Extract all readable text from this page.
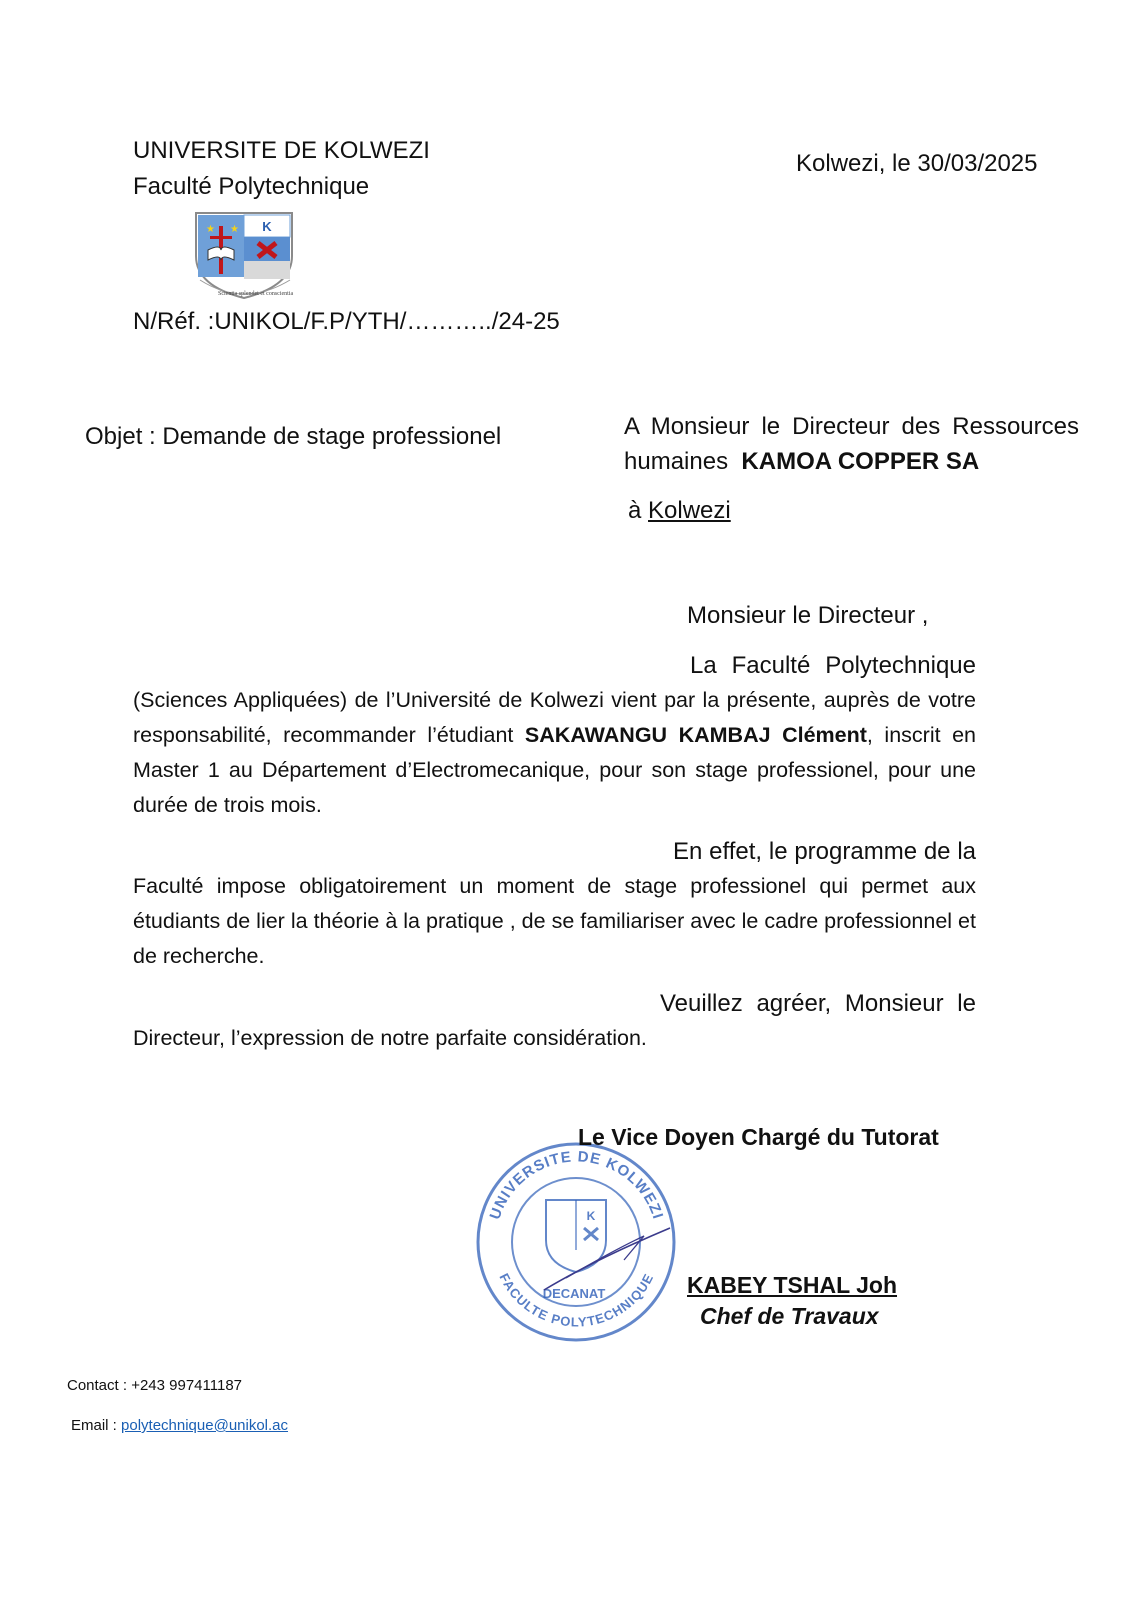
UNIVERSITE DE KOLWEZI
Faculté Polytechnique
Kolwezi, le 30/03/2025
K
★ ★
Scientia splendet et conscientia
N/Réf. :UNIKOL/F.P/YTH/………../24-25
Objet : Demande de stage professionel	A Monsieur le Directeur des Ressources
humaines KAMOA COPPER SA
à Kolwezi
Monsieur le Directeur ,
La Faculté Polytechnique
(Sciences Appliquées) de l’Université de Kolwezi vient par la présente, auprès de votre responsabilité, recommander l’étudiant SAKAWANGU KAMBAJ Clément, inscrit en Master 1 au Département d’Electromecanique, pour son stage professionel, pour une durée de trois mois.
En effet, le programme de la
Faculté impose obligatoirement un moment de stage professionel qui permet aux étudiants de lier la théorie à la pratique , de se familiariser avec le cadre professionnel et de recherche.
Veuillez agréer, Monsieur le
Directeur, l’expression de notre parfaite considération.
UNIVERSITE DE KOLWEZI
FACULTE POLYTECHNIQUE
K
DECANAT
Le Vice Doyen Chargé du Tutorat
KABEY TSHAL Joh
Chef de Travaux
Contact : +243 997411187
Email : polytechnique@unikol.ac
